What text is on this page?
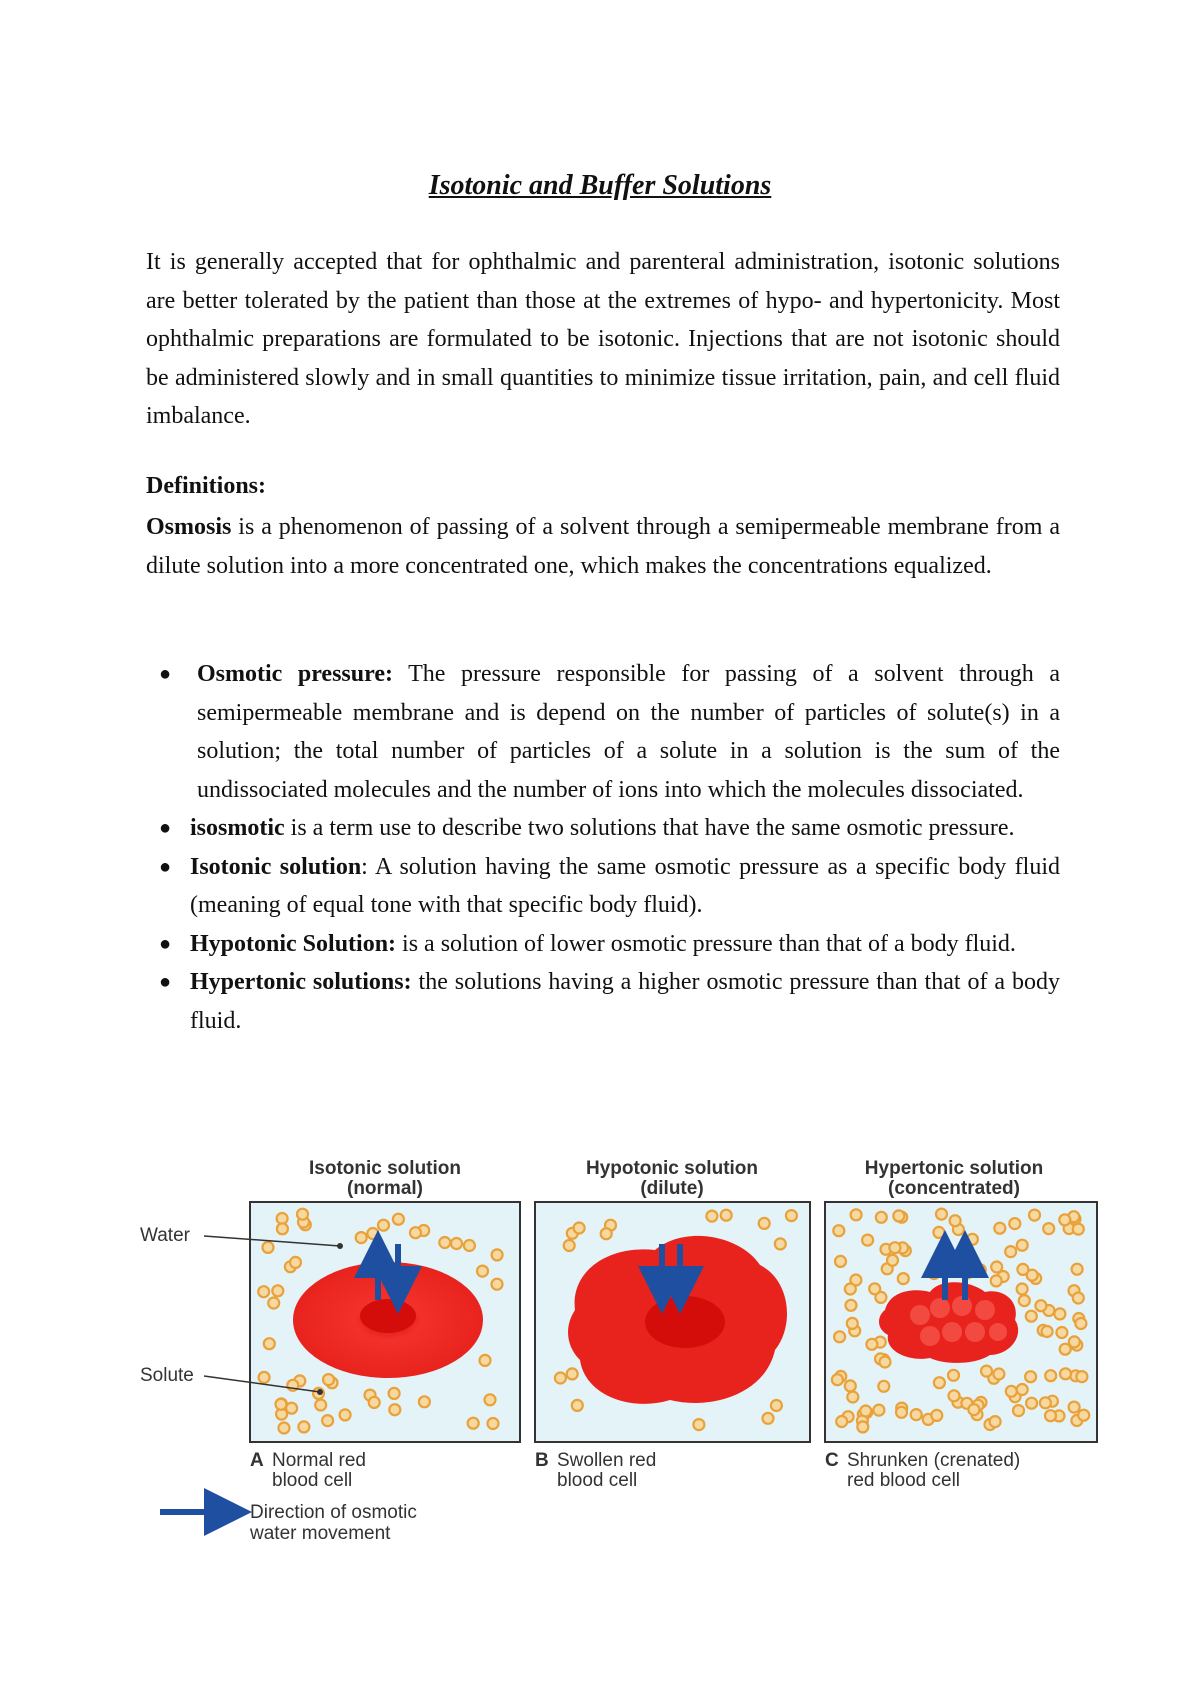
Isotonic and Buffer Solutions

It is generally accepted that for ophthalmic and parenteral administration, isotonic solutions are better tolerated by the patient than those at the extremes of hypo- and hypertonicity. Most ophthalmic preparations are formulated to be isotonic. Injections that are not isotonic should be administered slowly and in small quantities to minimize tissue irritation, pain, and cell fluid imbalance.

Definitions:

Osmosis is a phenomenon of passing of a solvent through a semipermeable membrane from a dilute solution into a more concentrated one, which makes the concentrations equalized.

● Osmotic pressure: The pressure responsible for passing of a solvent through a semipermeable membrane and is depend on the number of particles of solute(s) in a solution; the total number of particles of a solute in a solution is the sum of the undissociated molecules and the number of ions into which the molecules dissociated.
● isosmotic is a term use to describe two solutions that have the same osmotic pressure.
● Isotonic solution: A solution having the same osmotic pressure as a specific body fluid (meaning of equal tone with that specific body fluid).
● Hypotonic Solution: is a solution of lower osmotic pressure than that of a body fluid.
● Hypertonic solutions: the solutions having a higher osmotic pressure than that of a body fluid.
Isotonic solution
(normal)
Hypotonic solution
(dilute)
Hypertonic solution
(concentrated)
Water
Solute
A Normal red
blood cell
B Swollen red
blood cell
C Shrunken (crenated)
red blood cell
Direction of osmotic
water movement
